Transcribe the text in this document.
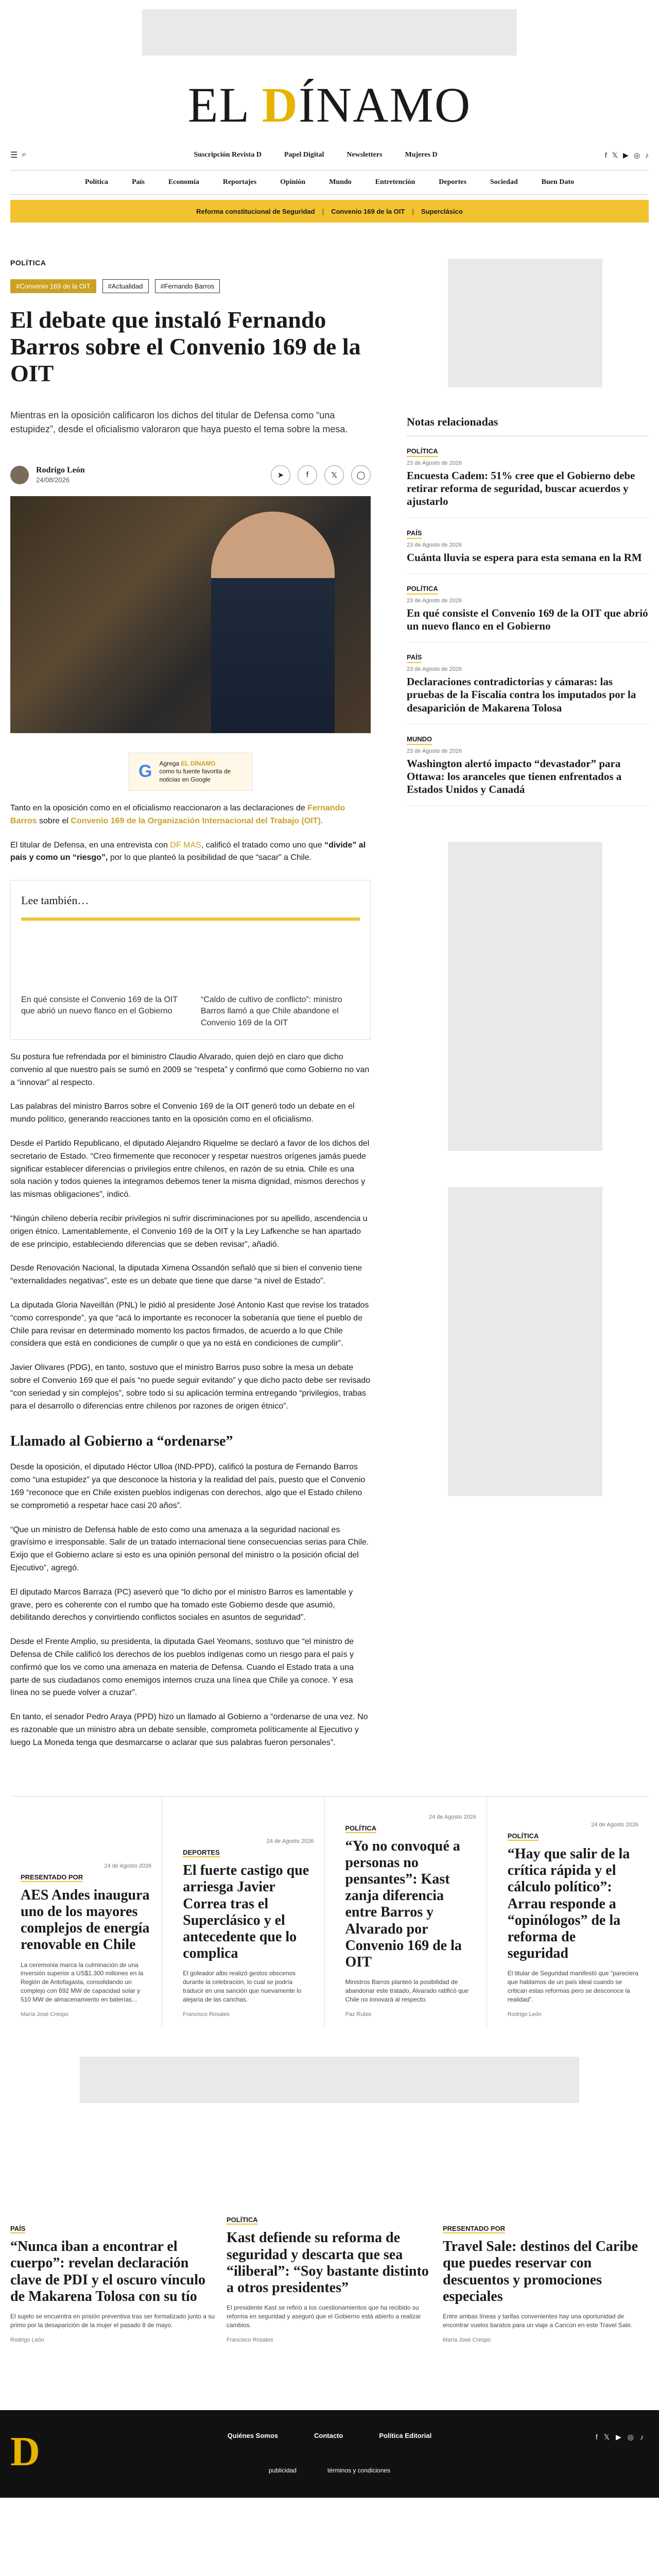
EL DÍNAMO
☰ ⌕	Suscripción Revista D	Papel Digital	Newsletters	Mujeres D	f 𝕏 ▶ ◎ ♪
Política	País	Economía	Reportajes	Opinión	Mundo	Entretención	Deportes	Sociedad	Buen Dato
Reforma constitucional de Seguridad | Convenio 169 de la OIT | Superclásico
POLÍTICA
#Convenio 169 de la OIT	#Actualidad	#Fernando Barros
El debate que instaló Fernando Barros sobre el Convenio 169 de la OIT

Mientras en la oposición calificaron los dichos del titular de Defensa como “una estupidez”, desde el oficialismo valoraron que haya puesto el tema sobre la mesa.

Rodrigo León
24/08/2026
➤	f	𝕏	◯
G Agrega EL DÍNAMO
como tu fuente favorita de noticias en Google

Tanto en la oposición como en el oficialismo reaccionaron a las declaraciones de Fernando Barros sobre el Convenio 169 de la Organización Internacional del Trabajo (OIT).

El titular de Defensa, en una entrevista con DF MAS, calificó el tratado como uno que “divide” al país y como un “riesgo”, por lo que planteó la posibilidad de que “sacar” a Chile.

Lee también…
En qué consiste el Convenio 169 de la OIT que abrió un nuevo flanco en el Gobierno
“Caldo de cultivo de conflicto”: ministro Barros llamó a que Chile abandone el Convenio 169 de la OIT

Su postura fue refrendada por el biministro Claudio Alvarado, quien dejó en claro que dicho convenio al que nuestro país se sumó en 2009 se “respeta” y confirmó que como Gobierno no van a “innovar” al respecto.

Las palabras del ministro Barros sobre el Convenio 169 de la OIT generó todo un debate en el mundo político, generando reacciones tanto en la oposición como en el oficialismo.

Desde el Partido Republicano, el diputado Alejandro Riquelme se declaró a favor de los dichos del secretario de Estado. “Creo firmemente que reconocer y respetar nuestros orígenes jamás puede significar establecer diferencias o privilegios entre chilenos, en razón de su etnia. Chile es una sola nación y todos quienes la integramos debemos tener la misma dignidad, mismos derechos y las mismas obligaciones”, indicó.

“Ningún chileno debería recibir privilegios ni sufrir discriminaciones por su apellido, ascendencia u origen étnico. Lamentablemente, el Convenio 169 de la OIT y la Ley Lafkenche se han apartado de ese principio, estableciendo diferencias que se deben revisar”, añadió.

Desde Renovación Nacional, la diputada Ximena Ossandón señaló que si bien el convenio tiene “externalidades negativas”, este es un debate que tiene que darse “a nivel de Estado”.

La diputada Gloria Naveillán (PNL) le pidió al presidente José Antonio Kast que revise los tratados “como corresponde”, ya que “acá lo importante es reconocer la soberanía que tiene el pueblo de Chile para revisar en determinado momento los pactos firmados, de acuerdo a lo que Chile considera que está en condiciones de cumplir o que ya no está en condiciones de cumplir”.

Javier Olivares (PDG), en tanto, sostuvo que el ministro Barros puso sobre la mesa un debate sobre el Convenio 169 que el país “no puede seguir evitando” y que dicho pacto debe ser revisado “con seriedad y sin complejos”, sobre todo si su aplicación termina entregando “privilegios, trabas para el desarrollo o diferencias entre chilenos por razones de origen étnico”.

Llamado al Gobierno a “ordenarse”

Desde la oposición, el diputado Héctor Ulloa (IND-PPD), calificó la postura de Fernando Barros como “una estupidez” ya que desconoce la historia y la realidad del país, puesto que el Convenio 169 “reconoce que en Chile existen pueblos indígenas con derechos, algo que el Estado chileno se comprometió a respetar hace casi 20 años”.

“Que un ministro de Defensa hable de esto como una amenaza a la seguridad nacional es gravísimo e irresponsable. Salir de un tratado internacional tiene consecuencias serias para Chile. Exijo que el Gobierno aclare si esto es una opinión personal del ministro o la posición oficial del Ejecutivo”, agregó.

El diputado Marcos Barraza (PC) aseveró que “lo dicho por el ministro Barros es lamentable y grave, pero es coherente con el rumbo que ha tomado este Gobierno desde que asumió, debilitando derechos y convirtiendo conflictos sociales en asuntos de seguridad”.

Desde el Frente Amplio, su presidenta, la diputada Gael Yeomans, sostuvo que “el ministro de Defensa de Chile calificó los derechos de los pueblos indígenas como un riesgo para el país y confirmó que los ve como una amenaza en materia de Defensa. Cuando el Estado trata a una parte de sus ciudadanos como enemigos internos cruza una línea que Chile ya conoce. Y esa línea no se puede volver a cruzar”.

En tanto, el senador Pedro Araya (PPD) hizo un llamado al Gobierno a “ordenarse de una vez. No es razonable que un ministro abra un debate sensible, comprometa políticamente al Ejecutivo y luego La Moneda tenga que desmarcarse o aclarar que sus palabras fueron personales”.

Notas relacionadas
POLÍTICA
23 de Agosto de 2026
Encuesta Cadem: 51% cree que el Gobierno debe retirar reforma de seguridad, buscar acuerdos y ajustarlo
PAÍS
23 de Agosto de 2026
Cuánta lluvia se espera para esta semana en la RM
POLÍTICA
23 de Agosto de 2026
En qué consiste el Convenio 169 de la OIT que abrió un nuevo flanco en el Gobierno
PAÍS
23 de Agosto de 2026
Declaraciones contradictorias y cámaras: las pruebas de la Fiscalía contra los imputados por la desaparición de Makarena Tolosa
MUNDO
23 de Agosto de 2026
Washington alertó impacto “devastador” para Ottawa: los aranceles que tienen enfrentados a Estados Unidos y Canadá
24 de Agosto 2026
PRESENTADO POR
AES Andes inaugura uno de los mayores complejos de energía renovable en Chile
La ceremonia marca la culminación de una inversión superior a US$1.300 millones en la Región de Antofagasta, consolidando un complejo con 692 MW de capacidad solar y 510 MW de almacenamiento en baterías...
María José Crespo
24 de Agosto 2026
DEPORTES
El fuerte castigo que arriesga Javier Correa tras el Superclásico y el antecedente que lo complica
El goleador albo realizó gestos obscenos durante la celebración, lo cual se podría traducir en una sanción que nuevamente lo alejaría de las canchas.
Francisco Rosales
24 de Agosto 2026
POLÍTICA
“Yo no convoqué a personas no pensantes”: Kast zanja diferencia entre Barros y Alvarado por Convenio 169 de la OIT
Ministros Barros planteó la posibilidad de abandonar este tratado, Alvarado ratificó que Chile no innovará al respecto.
Paz Rubio
24 de Agosto 2026
POLÍTICA
“Hay que salir de la crítica rápida y el cálculo político”: Arrau responde a “opinólogos” de la reforma de seguridad
El titular de Seguridad manifestó que “pareciera que hablamos de un país ideal cuando se critican estas reformas pero se desconoce la realidad”.
Rodrigo León
PAÍS
“Nunca iban a encontrar el cuerpo”: revelan declaración clave de PDI y el oscuro vínculo de Makarena Tolosa con su tío
El sujeto se encuentra en prisión preventiva tras ser formalizado junto a su primo por la desaparición de la mujer el pasado 8 de mayo.
Rodrigo León
POLÍTICA
Kast defiende su reforma de seguridad y descarta que sea “iliberal”: “Soy bastante distinto a otros presidentes”
El presidente Kast se refirió a los cuestionamientos que ha recibido su reforma en seguridad y aseguró que el Gobierno está abierto a realizar cambios.
Francisco Rosales
PRESENTADO POR
Travel Sale: destinos del Caribe que puedes reservar con descuentos y promociones especiales
Entre ambas líneas y tarifas convenientes hay una oportunidad de encontrar vuelos baratos para un viaje a Cancún en este Travel Sale.
María José Crespo
D	Quiénes Somos	Contacto	Política Editorial
publicidad	términos y condiciones
f 𝕏 ▶ ◎ ♪
